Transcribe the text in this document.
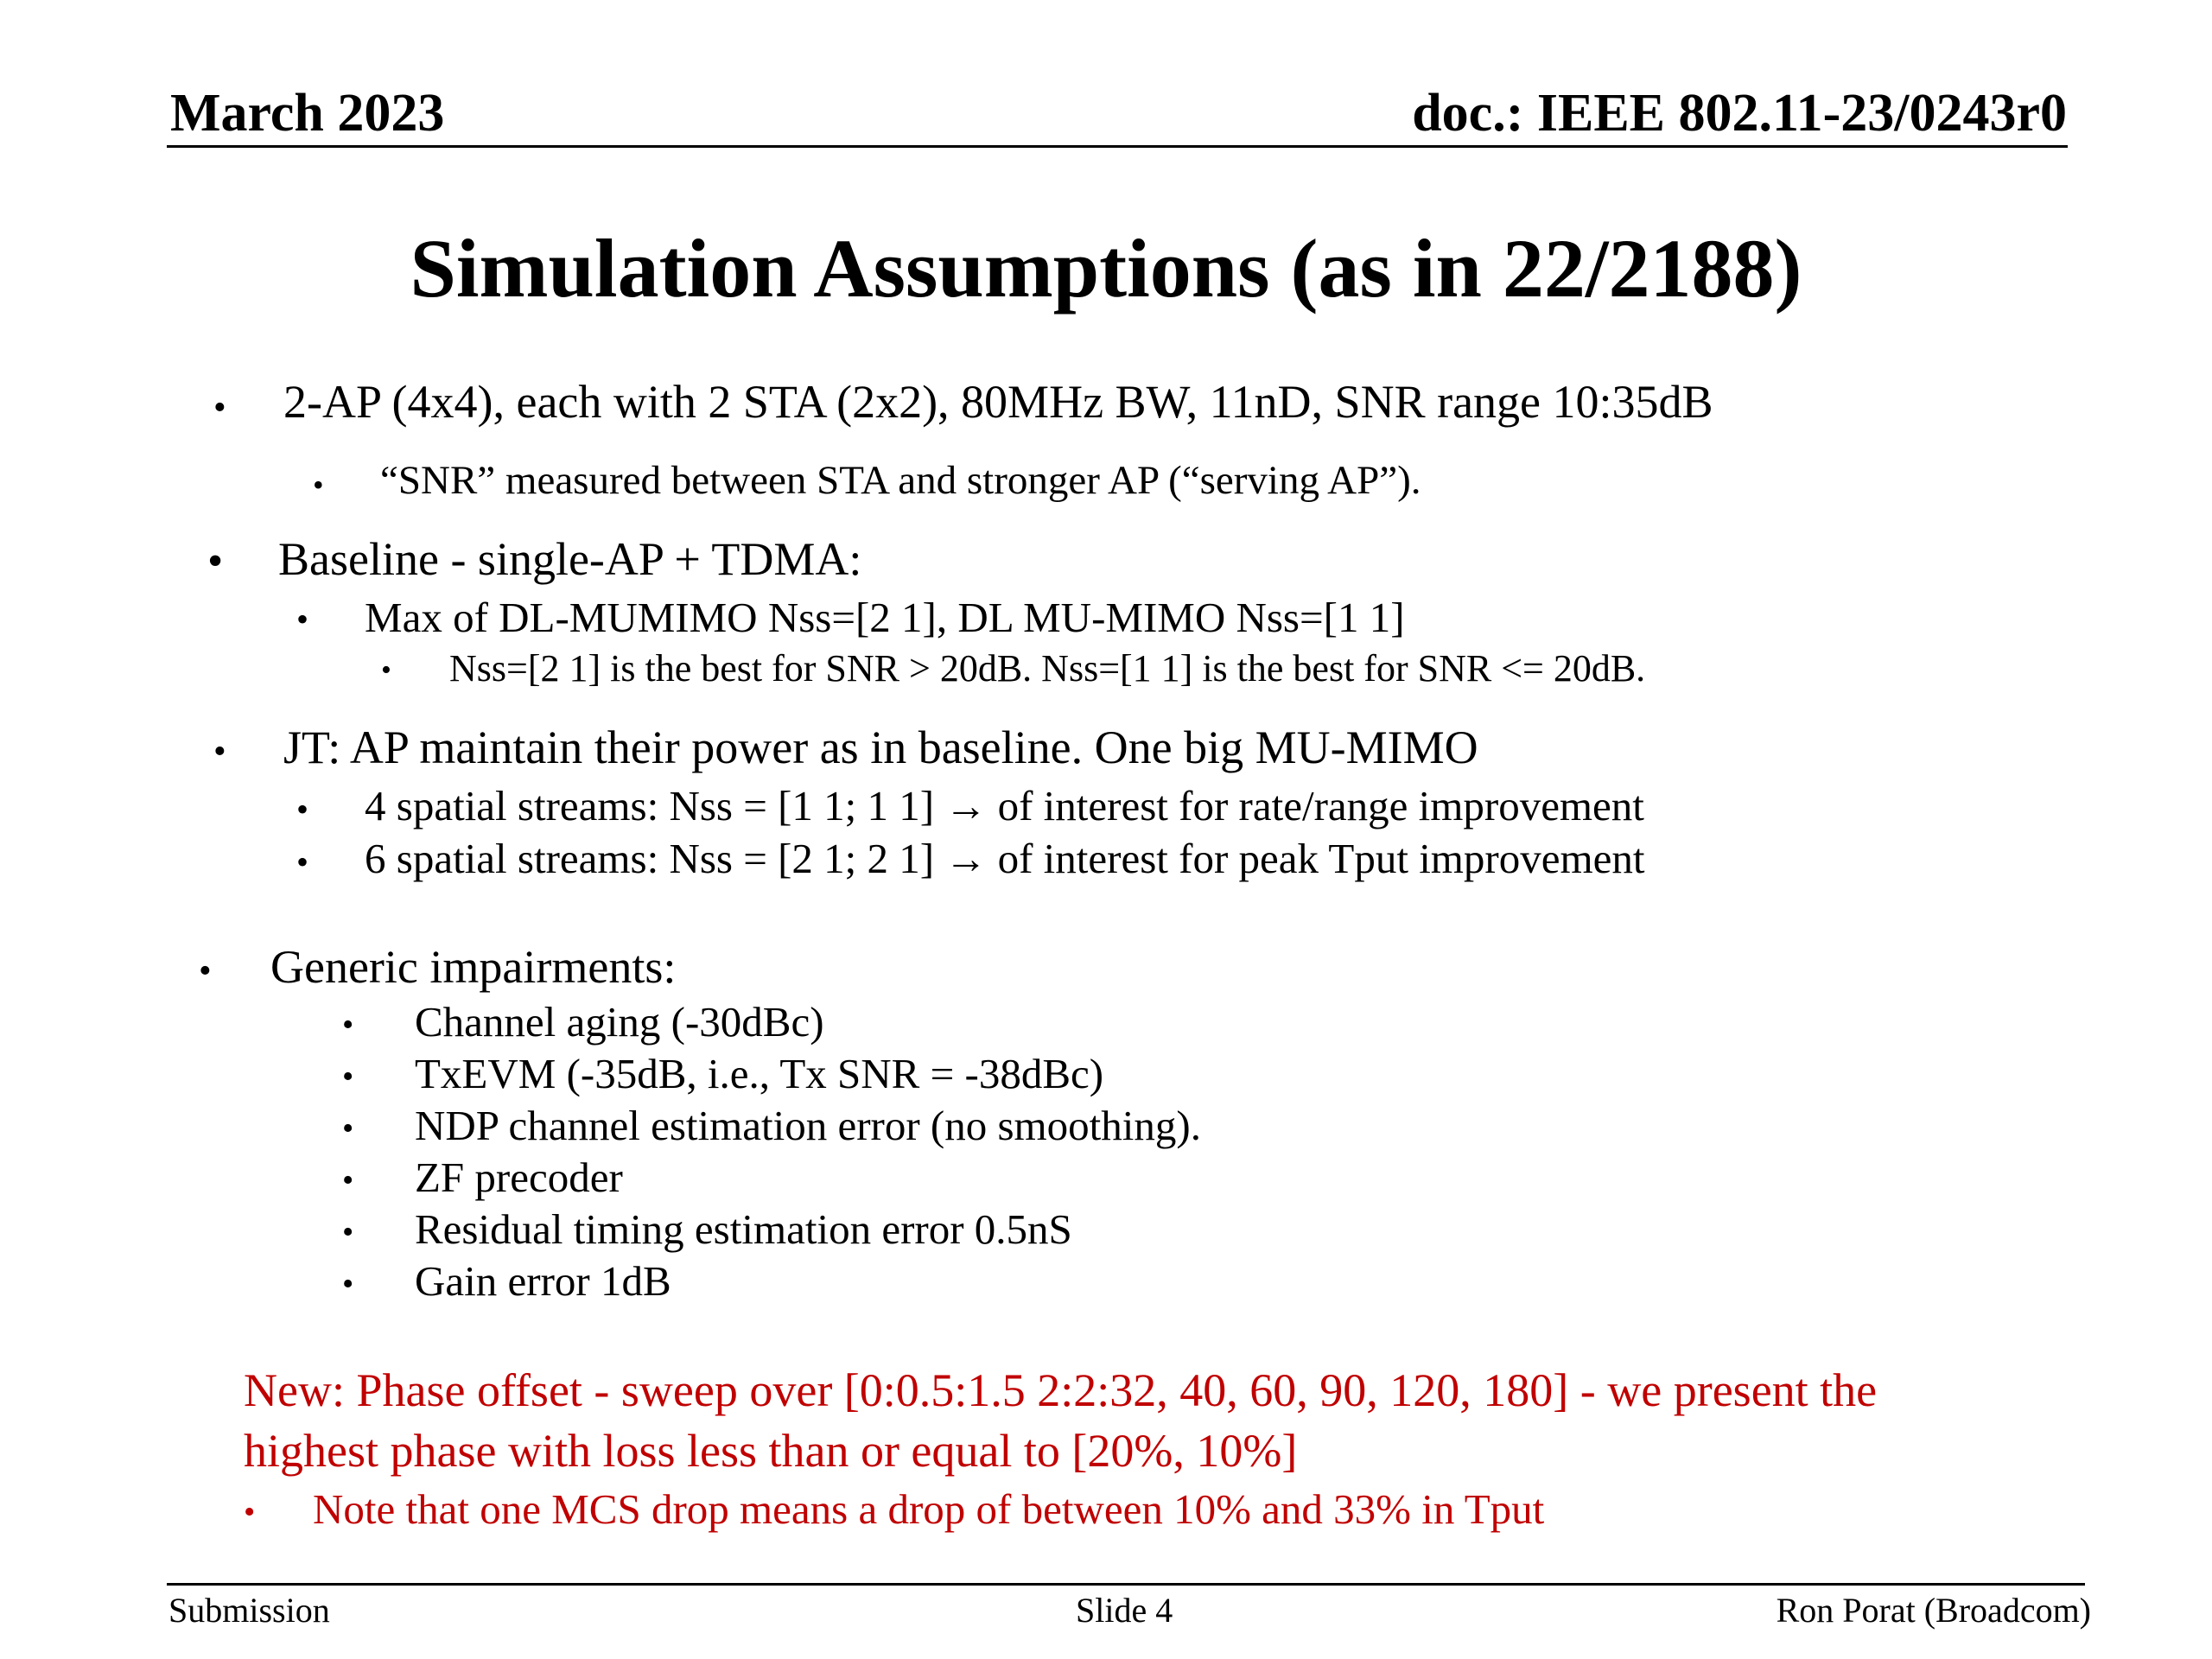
March 2023	doc.: IEEE 802.11-23/0243r0
Simulation Assumptions (as in 22/2188)
• 2-AP (4x4), each with 2 STA (2x2), 80MHz BW, 11nD, SNR range 10:35dB
• “SNR” measured between STA and stronger AP (“serving AP”).
• Baseline - single-AP + TDMA:
• Max of DL-MUMIMO Nss=[2 1], DL MU-MIMO Nss=[1 1]
• Nss=[2 1] is the best for SNR > 20dB. Nss=[1 1] is the best for SNR <= 20dB.
• JT: AP maintain their power as in baseline. One big MU-MIMO
• 4 spatial streams: Nss = [1 1; 1 1] → of interest for rate/range improvement
• 6 spatial streams: Nss = [2 1; 2 1] → of interest for peak Tput improvement
• Generic impairments:
• Channel aging (-30dBc)
• TxEVM (-35dB, i.e., Tx SNR = -38dBc)
• NDP channel estimation error (no smoothing).
• ZF precoder
• Residual timing estimation error 0.5nS
• Gain error 1dB
New: Phase offset - sweep over [0:0.5:1.5 2:2:32, 40, 60, 90, 120, 180] - we present the
highest phase with loss less than or equal to [20%, 10%]
• Note that one MCS drop means a drop of between 10% and 33% in Tput
Submission	Slide 4	Ron Porat (Broadcom)
